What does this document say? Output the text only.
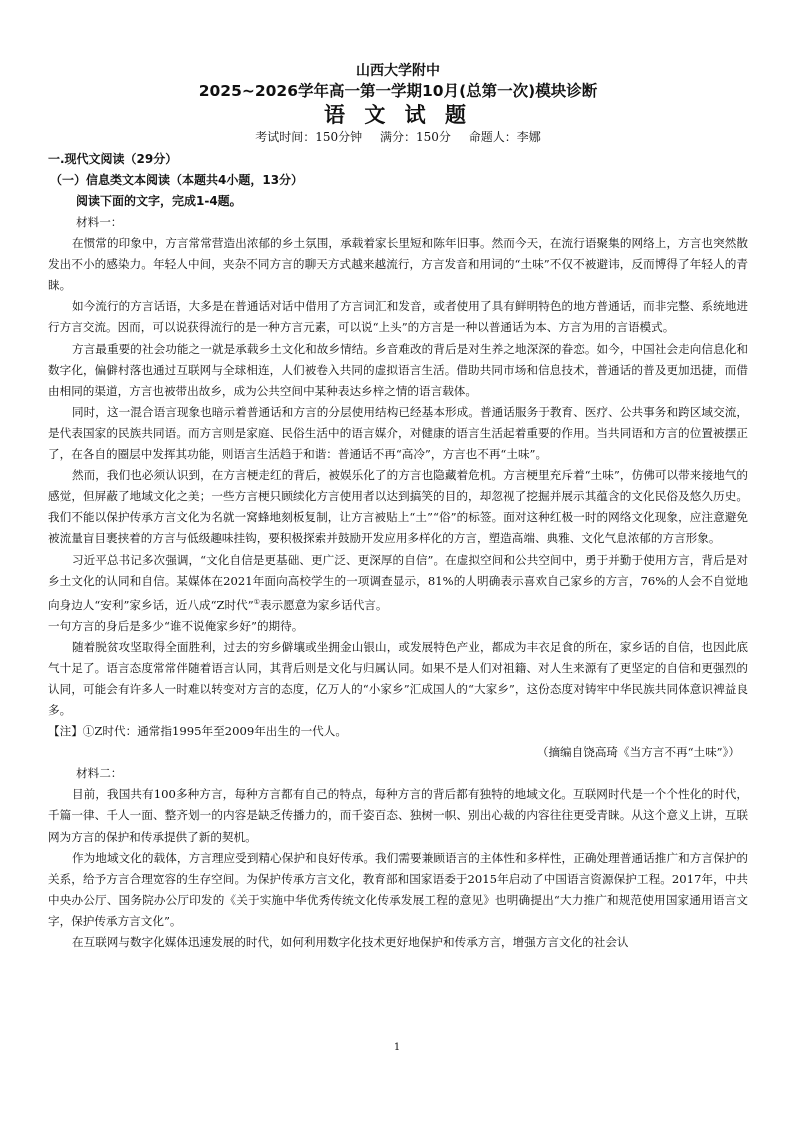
山西大学附中
2025~2026学年高一第一学期10月(总第一次)模块诊断
语 文 试 题
考试时间：150分钟 满分：150分 命题人：李娜
一.现代文阅读（29分）
（一）信息类文本阅读（本题共4小题，13分）
阅读下面的文字，完成1-4题。

材料一：

在惯常的印象中，方言常常营造出浓郁的乡土氛围，承载着家长里短和陈年旧事。然而今天，在流行语聚集的网络上，方言也突然散发出不小的感染力。年轻人中间，夹杂不同方言的聊天方式越来越流行，方言发音和用词的“土味”不仅不被避讳，反而博得了年轻人的青睐。

如今流行的方言话语，大多是在普通话对话中借用了方言词汇和发音，或者使用了具有鲜明特色的地方普通话，而非完整、系统地进行方言交流。因而，可以说获得流行的是一种方言元素，可以说“上头”的方言是一种以普通话为本、方言为用的言语模式。

方言最重要的社会功能之一就是承载乡土文化和故乡情结。乡音难改的背后是对生养之地深深的眷恋。如今，中国社会走向信息化和数字化，偏僻村落也通过互联网与全球相连，人们被卷入共同的虚拟语言生活。借助共同市场和信息技术，普通话的普及更加迅捷，而借由相同的渠道，方言也被带出故乡，成为公共空间中某种表达乡梓之情的语言载体。

同时，这一混合语言现象也暗示着普通话和方言的分层使用结构已经基本形成。普通话服务于教育、医疗、公共事务和跨区域交流，是代表国家的民族共同语。而方言则是家庭、民俗生活中的语言媒介，对健康的语言生活起着重要的作用。当共同语和方言的位置被摆正了，在各自的圈层中发挥其功能，则语言生活趋于和谐：普通话不再“高冷”，方言也不再“土味”。

然而，我们也必须认识到，在方言梗走红的背后，被娱乐化了的方言也隐藏着危机。方言梗里充斥着“土味”，仿佛可以带来接地气的感觉，但屏蔽了地域文化之美；一些方言梗只顾续化方言使用者以达到搞笑的目的，却忽视了挖掘并展示其蕴含的文化民俗及悠久历史。我们不能以保护传承方言文化为名就一窝蜂地刻板复制，让方言被贴上“土”“俗”的标签。面对这种红极一时的网络文化现象，应注意避免被流量盲目裹挟着的方言与低级趣味挂钩，要积极探索并鼓励开发应用多样化的方言，塑造高端、典雅、文化气息浓郁的方言形象。

习近平总书记多次强调，“文化自信是更基础、更广泛、更深厚的自信”。在虚拟空间和公共空间中，勇于并勤于使用方言，背后是对乡土文化的认同和自信。某媒体在2021年面向高校学生的一项调查显示，81%的人明确表示喜欢自己家乡的方言，76%的人会不自觉地向身边人“安利”家乡话，近八成“Z时代”①表示愿意为家乡话代言。

一句方言的身后是多少“谁不说俺家乡好”的期待。

随着脱贫攻坚取得全面胜利，过去的穷乡僻壤或坐拥金山银山，或发展特色产业，都成为丰衣足食的所在，家乡话的自信，也因此底气十足了。语言态度常常伴随着语言认同，其背后则是文化与归属认同。如果不是人们对祖籍、对人生来源有了更坚定的自信和更强烈的认同，可能会有许多人一时难以转变对方言的态度，亿万人的“小家乡”汇成国人的“大家乡”，这份态度对铸牢中华民族共同体意识裨益良多。

【注】①Z时代：通常指1995年至2009年出生的一代人。

（摘编自饶高琦《当方言不再“土味”》）

材料二：

目前，我国共有100多种方言，每种方言都有自己的特点，每种方言的背后都有独特的地域文化。互联网时代是一个个性化的时代，千篇一律、千人一面、整齐划一的内容是缺乏传播力的，而千姿百态、独树一帜、别出心裁的内容往往更受青睐。从这个意义上讲，互联网为方言的保护和传承提供了新的契机。

作为地域文化的载体，方言理应受到精心保护和良好传承。我们需要兼顾语言的主体性和多样性，正确处理普通话推广和方言保护的关系，给予方言合理宽容的生存空间。为保护传承方言文化，教育部和国家语委于2015年启动了中国语言资源保护工程。2017年，中共中央办公厅、国务院办公厅印发的《关于实施中华优秀传统文化传承发展工程的意见》也明确提出“大力推广和规范使用国家通用语言文字，保护传承方言文化”。

在互联网与数字化媒体迅速发展的时代，如何利用数字化技术更好地保护和传承方言，增强方言文化的社会认

1
